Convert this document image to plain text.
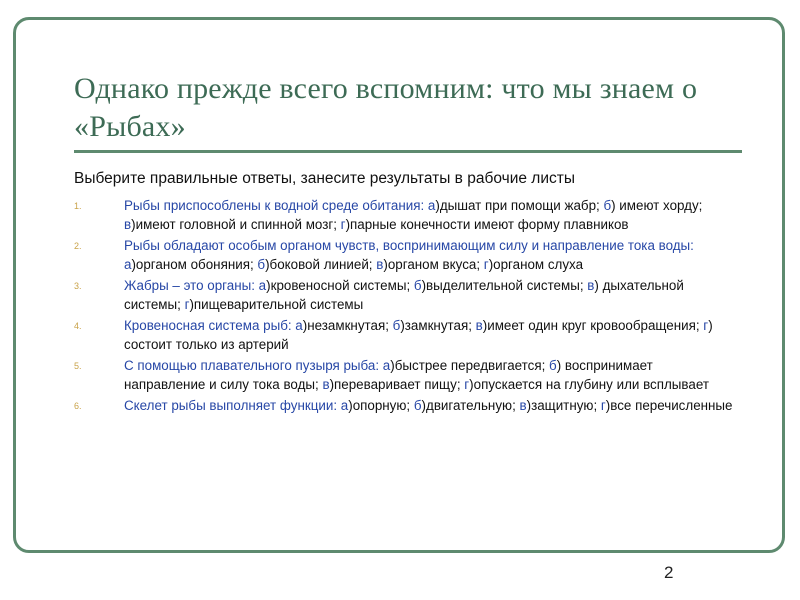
Однако прежде всего вспомним: что мы знаем о «Рыбах»

Выберите правильные ответы, занесите результаты в рабочие листы

1.	Рыбы приспособлены к водной среде обитания: а)дышат при помощи жабр; б) имеют хорду; в)имеют головной и спинной мозг; г)парные конечности имеют форму плавников
2.	Рыбы обладают особым органом чувств, воспринимающим силу и направление тока воды: а)органом обоняния; б)боковой линией; в)органом вкуса; г)органом слуха
3.	Жабры – это органы: а)кровеносной системы; б)выделительной системы; в) дыхательной системы; г)пищеварительной системы
4.	Кровеносная система рыб: а)незамкнутая; б)замкнутая; в)имеет один круг кровообращения; г) состоит только из артерий
5.	С помощью плавательного пузыря рыба: а)быстрее передвигается; б) воспринимает направление и силу тока воды; в)переваривает пищу; г)опускается на глубину или всплывает
6.	Скелет рыбы выполняет функции: а)опорную; б)двигательную; в)защитную; г)все перечисленные
2
